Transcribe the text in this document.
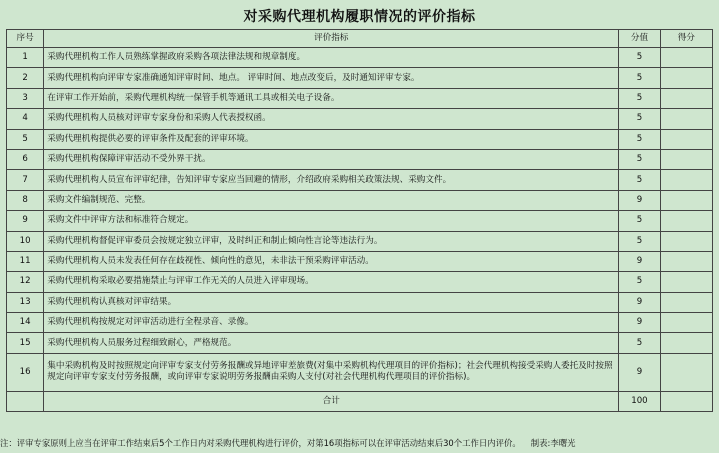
对采购代理机构履职情况的评价指标
序号	评价指标	分值	得分
1	采购代理机构工作人员熟练掌握政府采购各项法律法规和规章制度。	5	
2	采购代理机构向评审专家准确通知评审时间、地点。 评审时间、地点改变后，及时通知评审专家。	5	
3	在评审工作开始前，采购代理机构统一保管手机等通讯工具或相关电子设备。	5	
4	采购代理机构人员核对评审专家身份和采购人代表授权函。	5	
5	采购代理机构提供必要的评审条件及配套的评审环境。	5	
6	采购代理机构保障评审活动不受外界干扰。	5	
7	采购代理机构人员宣布评审纪律，告知评审专家应当回避的情形，介绍政府采购相关政策法规、采购文件。	5	
8	采购文件编制规范、完整。	9	
9	采购文件中评审方法和标准符合规定。	5	
10	采购代理机构督促评审委员会按规定独立评审，及时纠正和制止倾向性言论等违法行为。	5	
11	采购代理机构人员未发表任何存在歧视性、倾向性的意见，未非法干预采购评审活动。	9	
12	采购代理机构采取必要措施禁止与评审工作无关的人员进入评审现场。	5	
13	采购代理机构认真核对评审结果。	9	
14	采购代理机构按规定对评审活动进行全程录音、录像。	9	
15	采购代理机构人员服务过程细致耐心，严格规范。	5	
16	集中采购机构及时按照规定向评审专家支付劳务报酬或异地评审差旅费(对集中采购机构代理项目的评价指标)；社会代理机构接受采购人委托及时按照规定向评审专家支付劳务报酬，或向评审专家说明劳务报酬由采购人支付(对社会代理机构代理项目的评价指标)。	9	
	合计	100	
注：评审专家原则上应当在评审工作结束后5个工作日内对采购代理机构进行评价，对第16项指标可以在评审活动结束后30个工作日内评价。 制表:李曙光
